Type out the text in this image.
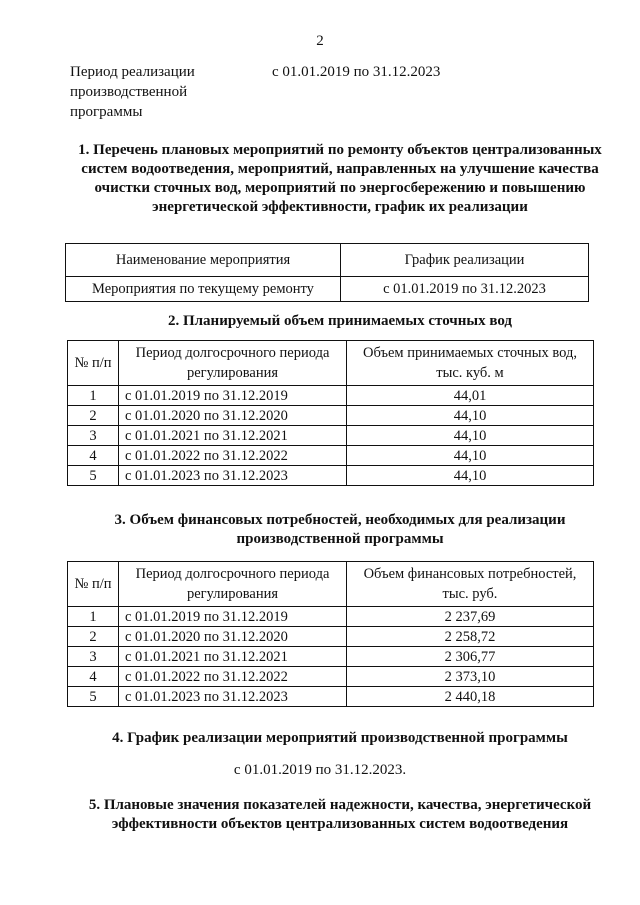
2
Период реализации производственной программы
с 01.01.2019 по 31.12.2023
1. Перечень плановых мероприятий по ремонту объектов централизованных систем водоотведения, мероприятий, направленных на улучшение качества очистки сточных вод, мероприятий по энергосбережению и повышению энергетической эффективности, график их реализации
Наименование мероприятия	График реализации
Мероприятия по текущему ремонту	с 01.01.2019 по 31.12.2023
2. Планируемый объем принимаемых сточных вод
№ п/п	Период долгосрочного периода регулирования	Объем принимаемых сточных вод, тыс. куб. м
1	с 01.01.2019 по 31.12.2019	44,01
2	с 01.01.2020 по 31.12.2020	44,10
3	с 01.01.2021 по 31.12.2021	44,10
4	с 01.01.2022 по 31.12.2022	44,10
5	с 01.01.2023 по 31.12.2023	44,10
3. Объем финансовых потребностей, необходимых для реализации производственной программы
№ п/п	Период долгосрочного периода регулирования	Объем финансовых потребностей, тыс. руб.
1	с 01.01.2019 по 31.12.2019	2 237,69
2	с 01.01.2020 по 31.12.2020	2 258,72
3	с 01.01.2021 по 31.12.2021	2 306,77
4	с 01.01.2022 по 31.12.2022	2 373,10
5	с 01.01.2023 по 31.12.2023	2 440,18
4. График реализации мероприятий производственной программы
с 01.01.2019 по 31.12.2023.
5. Плановые значения показателей надежности, качества, энергетической эффективности объектов централизованных систем водоотведения
